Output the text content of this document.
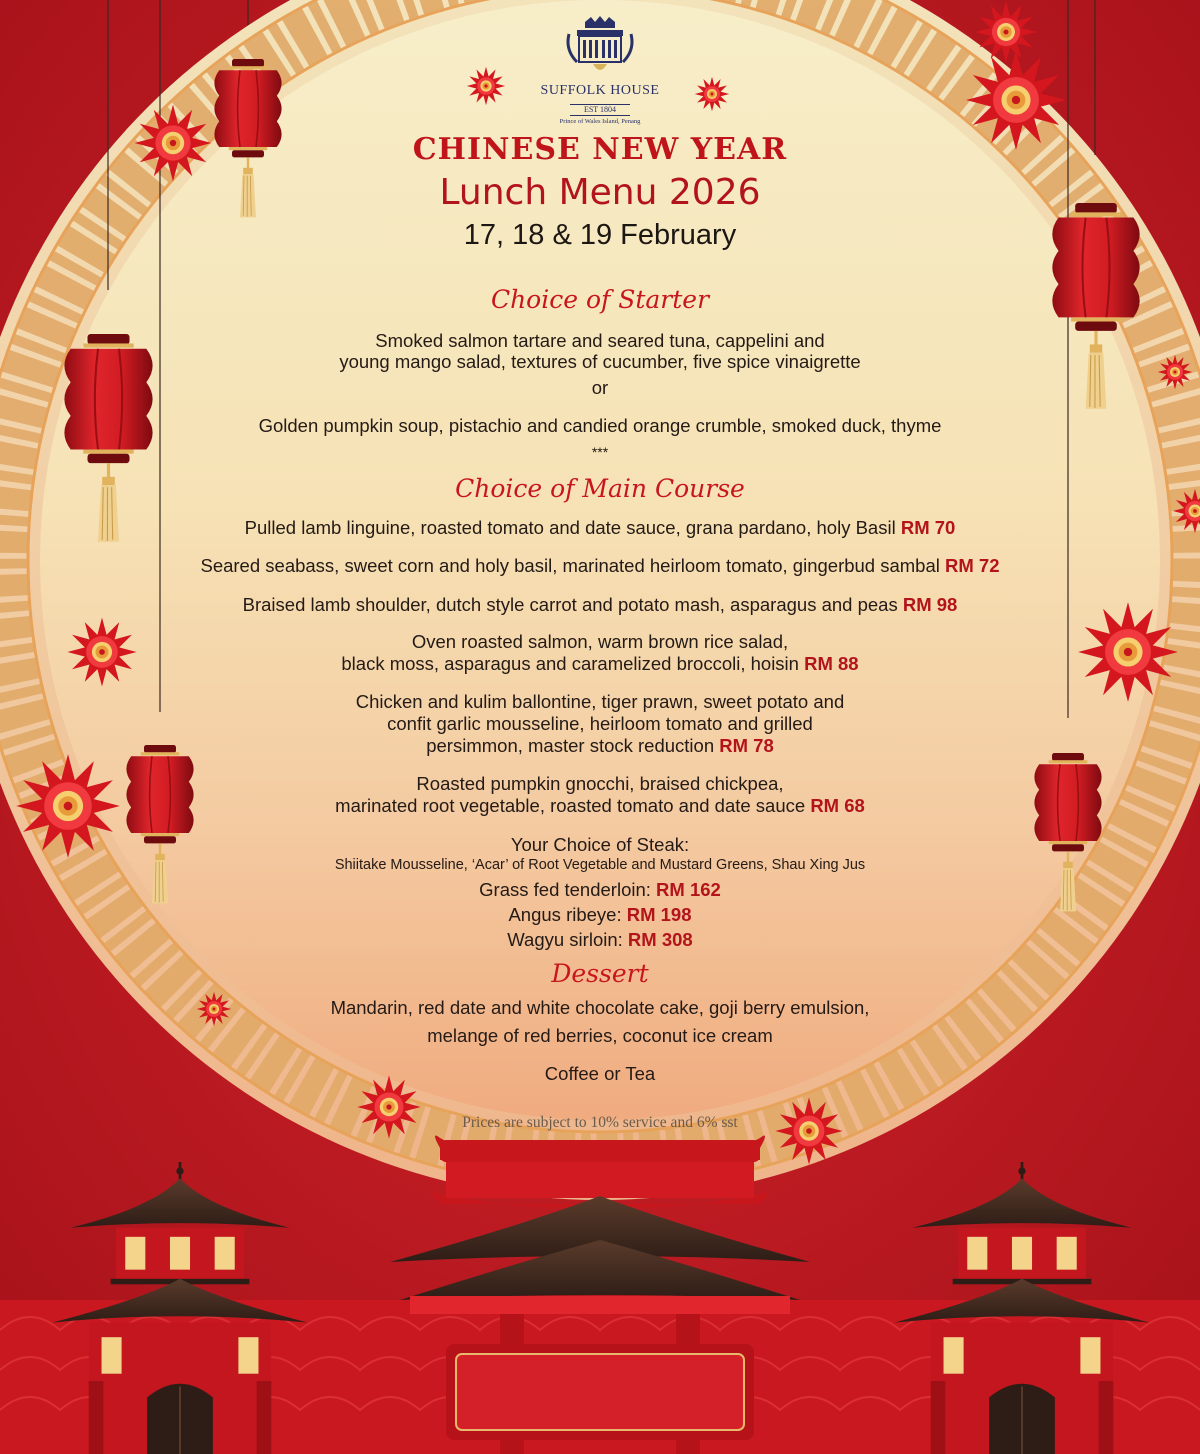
SUFFOLK HOUSE
EST 1804
Prince of Wales Island, Penang
CHINESE NEW YEAR
Lunch Menu 2026
17, 18 & 19 February
Choice of Starter
Smoked salmon tartare and seared tuna, cappelini and
young mango salad, textures of cucumber, five spice vinaigrette
or
Golden pumpkin soup, pistachio and candied orange crumble, smoked duck, thyme
***
Choice of Main Course
Pulled lamb linguine, roasted tomato and date sauce, grana pardano, holy Basil RM 70
Seared seabass, sweet corn and holy basil, marinated heirloom tomato, gingerbud sambal RM 72
Braised lamb shoulder, dutch style carrot and potato mash, asparagus and peas RM 98
Oven roasted salmon, warm brown rice salad,
black moss, asparagus and caramelized broccoli, hoisin RM 88
Chicken and kulim ballontine, tiger prawn, sweet potato and
confit garlic mousseline, heirloom tomato and grilled
persimmon, master stock reduction RM 78
Roasted pumpkin gnocchi, braised chickpea,
marinated root vegetable, roasted tomato and date sauce RM 68
Your Choice of Steak:
Shiitake Mousseline, ‘Acar’ of Root Vegetable and Mustard Greens, Shau Xing Jus
Grass fed tenderloin: RM 162
Angus ribeye: RM 198
Wagyu sirloin: RM 308
Dessert
Mandarin, red date and white chocolate cake, goji berry emulsion,
melange of red berries, coconut ice cream
Coffee or Tea
Prices are subject to 10% service and 6% sst
